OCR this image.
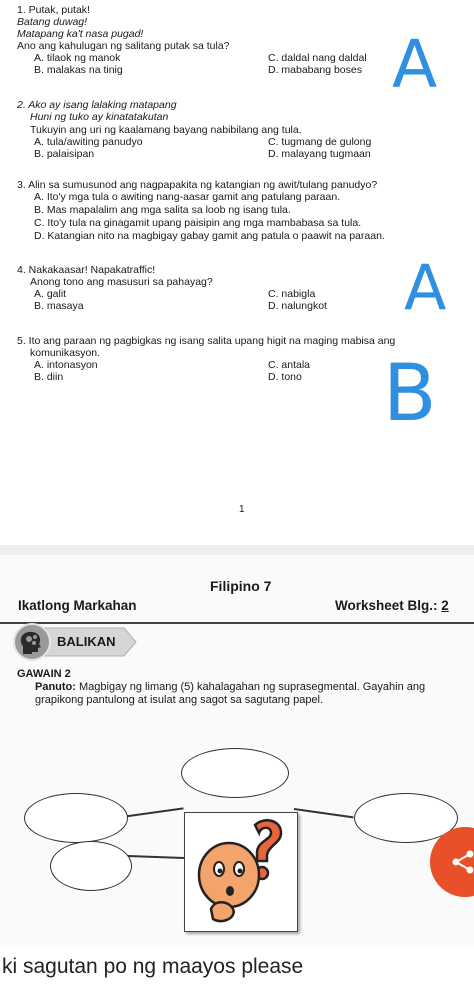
1. Putak, putak!
Batang duwag!
Matapang ka't nasa pugad!
Ano ang kahulugan ng salitang putak sa tula?
A. tilaok ng manok	C. daldal nang daldal
B. malakas na tinig	D. mababang boses A
2. Ako ay isang lalaking matapang
Huni ng tuko ay kinatatakutan
Tukuyin ang uri ng kaalamang bayang nabibilang ang tula.
A. tula/awiting panudyo	C. tugmang de gulong
B. palaisipan	D. malayang tugmaan
3. Alin sa sumusunod ang nagpapakita ng katangian ng awit/tulang panudyo?
A. Ito'y mga tula o awiting nang-aasar gamit ang patulang paraan.
B. Mas mapalalim ang mga salita sa loob ng isang tula.
C. Ito'y tula na ginagamit upang paisipin ang mga mambabasa sa tula.
D. Katangian nito na magbigay gabay gamit ang patula o paawit na paraan.
4. Nakakaasar! Napakatraffic!
Anong tono ang masusuri sa pahayag?
A. galit	C. nabigla
B. masaya	D. nalungkot A
5. Ito ang paraan ng pagbigkas ng isang salita upang higit na maging mabisa ang
komunikasyon.
A. intonasyon	C. antala
B. diin	D. tono B
1
Filipino 7
Ikatlong Markahan	Worksheet Blg.: 2
BALIKAN
GAWAIN 2
Panuto: Magbigay ng limang (5) kahalagahan ng suprasegmental. Gayahin ang
grapikong pantulong at isulat ang sagot sa sagutang papel.
ki sagutan po ng maayos please
